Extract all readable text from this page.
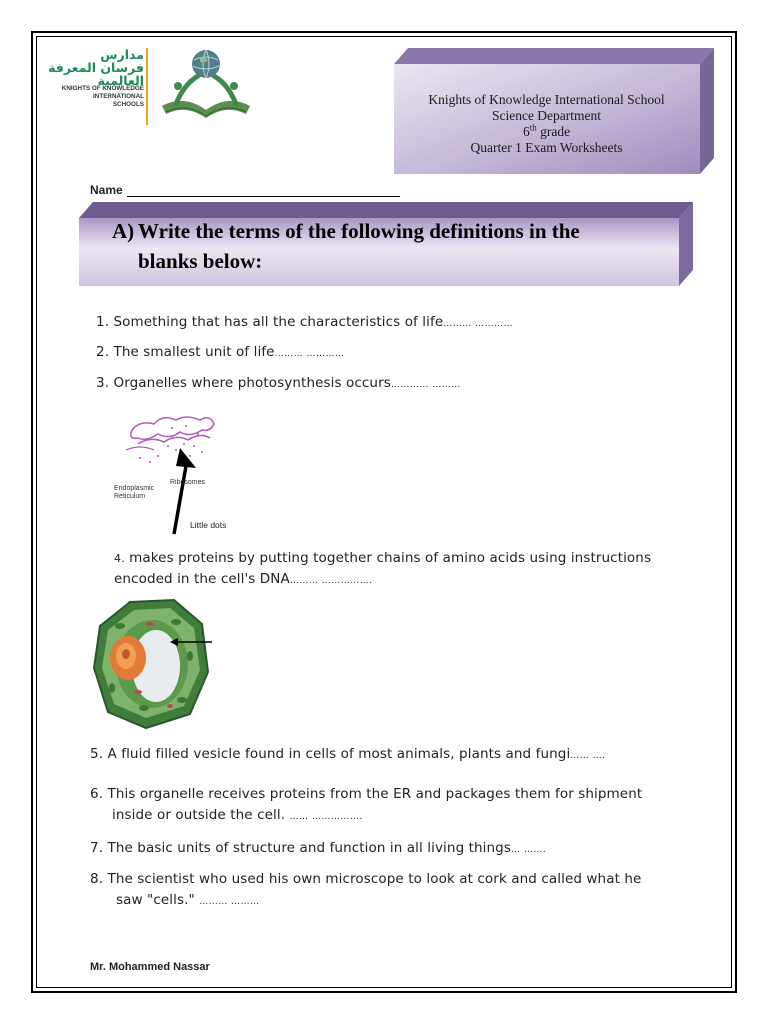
مدارس
فرسان المعرفة
العالمية
KNIGHTS OF KNOWLEDGE
INTERNATIONAL
SCHOOLS	Knights of Knowledge International School
Science Department
6th grade
Quarter 1 Exam Worksheets
Name
A) Write the terms of the following definitions in the
blanks below:
1. Something that has all the characteristics of life……… …………
2. The smallest unit of life……… …………
3. Organelles where photosynthesis occurs………… ………
Endoplasmic
Reticulum
Ribosomes
Little dots
4. makes proteins by putting together chains of amino acids using instructions
encoded in the cell's DNA……… …………….
5. A fluid filled vesicle found in cells of most animals, plants and fungi…… ….
6. This organelle receives proteins from the ER and packages them for shipment
inside or outside the cell. …… …………….
7. The basic units of structure and function in all living things… …….
8. The scientist who used his own microscope to look at cork and called what he
saw "cells." ……… ………
Mr. Mohammed Nassar
